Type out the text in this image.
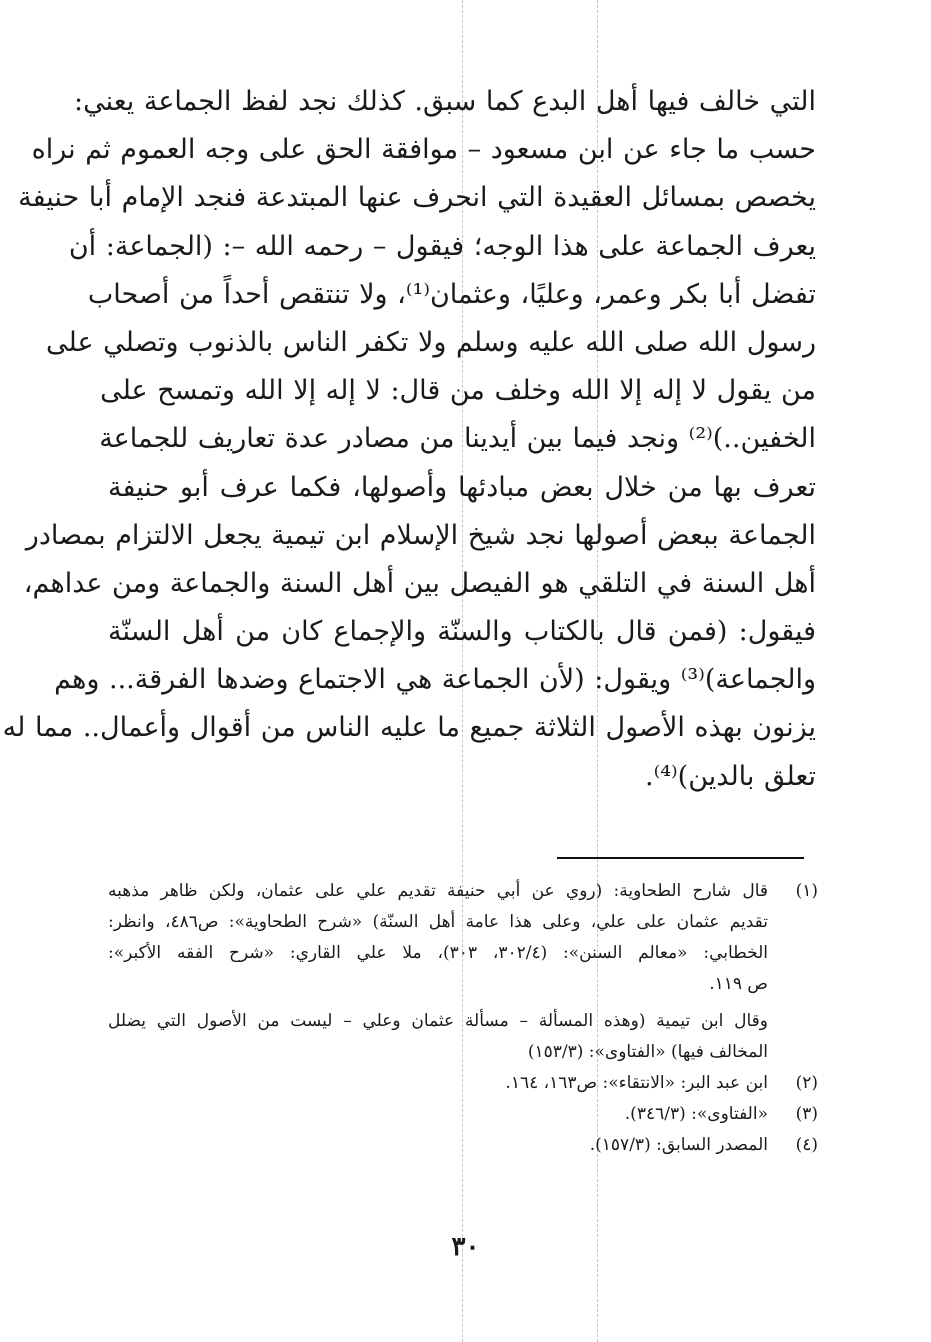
التي خالف فيها أهل البدع كما سبق. كذلك نجد لفظ الجماعة يعني:
حسب ما جاء عن ابن مسعود – موافقة الحق على وجه العموم ثم نراه
يخصص بمسائل العقيدة التي انحرف عنها المبتدعة فنجد الإمام أبا حنيفة
يعرف الجماعة على هذا الوجه؛ فيقول – رحمه الله –: (الجماعة: أن
تفضل أبا بكر وعمر، وعليًا، وعثمان⁽¹⁾، ولا تنتقص أحداً من أصحاب
رسول الله صلى الله عليه وسلم ولا تكفر الناس بالذنوب وتصلي على
من يقول لا إله إلا الله وخلف من قال: لا إله إلا الله وتمسح على
الخفين..)⁽²⁾ ونجد فيما بين أيدينا من مصادر عدة تعاريف للجماعة
تعرف بها من خلال بعض مبادئها وأصولها، فكما عرف أبو حنيفة
الجماعة ببعض أصولها نجد شيخ الإسلام ابن تيمية يجعل الالتزام بمصادر
أهل السنة في التلقي هو الفيصل بين أهل السنة والجماعة ومن عداهم،
فيقول: (فمن قال بالكتاب والسنّة والإجماع كان من أهل السنّة
والجماعة)⁽³⁾ ويقول: (لأن الجماعة هي الاجتماع وضدها الفرقة... وهم
يزنون بهذه الأصول الثلاثة جميع ما عليه الناس من أقوال وأعمال.. مما له
تعلق بالدين)⁽⁴⁾.
(١)
قال شارح الطحاوية: (روي عن أبي حنيفة تقديم علي على عثمان، ولكن ظاهر مذهبه
تقديم عثمان على علي، وعلى هذا عامة أهل السنّة) «شرح الطحاوية»: ص٤٨٦، وانظر:
الخطابي: «معالم السنن»: (٣٠٢/٤، ٣٠٣)، ملا علي القاري: «شرح الفقه الأكبر»:
ص ١١٩.
وقال ابن تيمية (وهذه المسألة – مسألة عثمان وعلي – ليست من الأصول التي يضلل
المخالف فيها) «الفتاوى»: (١٥٣/٣)
(٢)
ابن عبد البر: «الانتقاء»: ص١٦٣، ١٦٤.
(٣)
«الفتاوى»: (٣٤٦/٣).
(٤)
المصدر السابق: (١٥٧/٣).
٣٠
